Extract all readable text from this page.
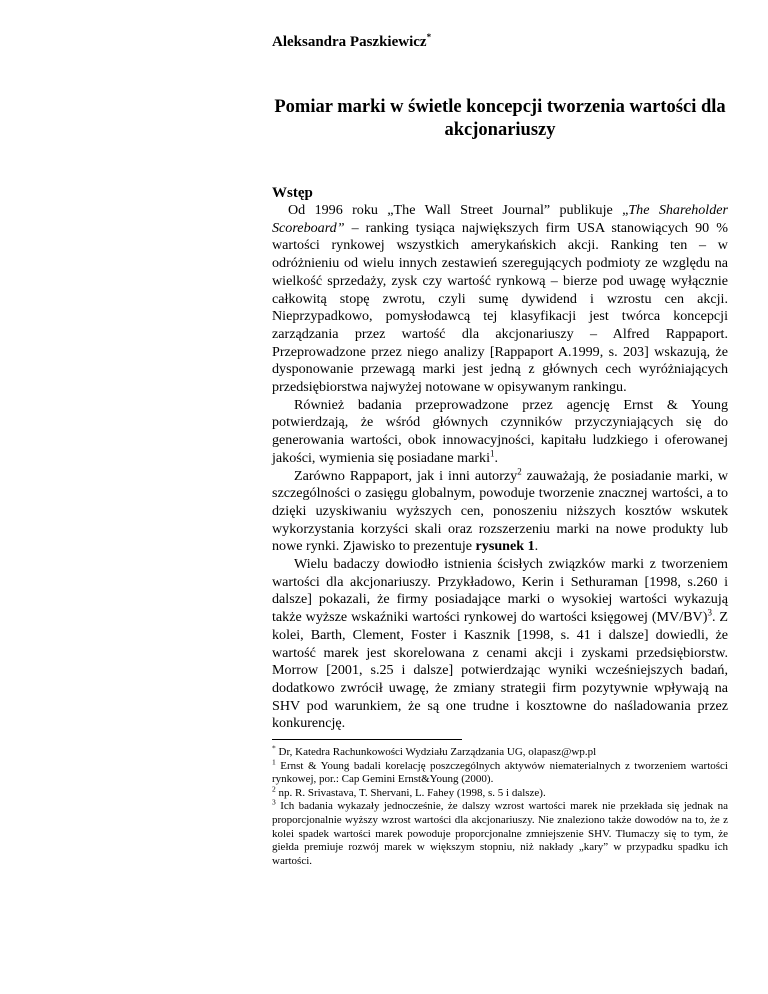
Aleksandra Paszkiewicz*

Pomiar marki w świetle koncepcji tworzenia wartości dla akcjonariuszy
Wstęp

Od 1996 roku „The Wall Street Journal” publikuje „The Shareholder Scoreboard” – ranking tysiąca największych firm USA stanowiących 90 % wartości rynkowej wszystkich amerykańskich akcji. Ranking ten – w odróżnieniu od wielu innych zestawień szeregujących podmioty ze względu na wielkość sprzedaży, zysk czy wartość rynkową – bierze pod uwagę wyłącznie całkowitą stopę zwrotu, czyli sumę dywidend i wzrostu cen akcji. Nieprzypadkowo, pomysłodawcą tej klasyfikacji jest twórca koncepcji zarządzania przez wartość dla akcjonariuszy – Alfred Rappaport. Przeprowadzone przez niego analizy [Rappaport A.1999, s. 203] wskazują, że dysponowanie przewagą marki jest jedną z głównych cech wyróżniających przedsiębiorstwa najwyżej notowane w opisywanym rankingu.

Również badania przeprowadzone przez agencję Ernst & Young potwierdzają, że wśród głównych czynników przyczyniających się do generowania wartości, obok innowacyjności, kapitału ludzkiego i oferowanej jakości, wymienia się posiadane marki$^1$.

Zarówno Rappaport, jak i inni autorzy$^2$ zauważają, że posiadanie marki, w szczególności o zasięgu globalnym, powoduje tworzenie znacznej wartości, a to dzięki uzyskiwaniu wyższych cen, ponoszeniu niższych kosztów wskutek wykorzystania korzyści skali oraz rozszerzeniu marki na nowe produkty lub nowe rynki. Zjawisko to prezentuje rysunek 1.

Wielu badaczy dowiodło istnienia ścisłych związków marki z tworzeniem wartości dla akcjonariuszy. Przykładowo, Kerin i Sethuraman [1998, s.260 i dalsze] pokazali, że firmy posiadające marki o wysokiej wartości wykazują także wyższe wskaźniki wartości rynkowej do wartości księgowej $(MV/BV)^3$. Z kolei, Barth, Clement, Foster i Kasznik [1998, s. 41 i dalsze] dowiedli, że wartość marek jest skorelowana z cenami akcji i zyskami przedsiębiorstw. Morrow [2001, s.25 i dalsze] potwierdzając wyniki wcześniejszych badań, dodatkowo zwrócił uwagę, że zmiany strategii firm pozytywnie wpływają na SHV pod warunkiem, że są one trudne i kosztowne do naśladowania przez konkurencję.

* Dr, Katedra Rachunkowości Wydziału Zarządzania UG, olapasz@wp.pl

$^1$ Ernst & Young badali korelację poszczególnych aktywów niematerialnych z tworzeniem wartości rynkowej, por.: Cap Gemini Ernst&Young (2000).

$^2$ np. R. Srivastava, T. Shervani, L. Fahey (1998, s. 5 i dalsze).

$^3$ Ich badania wykazały jednocześnie, że dalszy wzrost wartości marek nie przekłada się jednak na proporcjonalnie wyższy wzrost wartości dla akcjonariuszy. Nie znaleziono także dowodów na to, że z kolei spadek wartości marek powoduje proporcjonalne zmniejszenie SHV. Tłumaczy się to tym, że giełda premiuje rozwój marek w większym stopniu, niż nakłady „kary” w przypadku spadku ich wartości.
